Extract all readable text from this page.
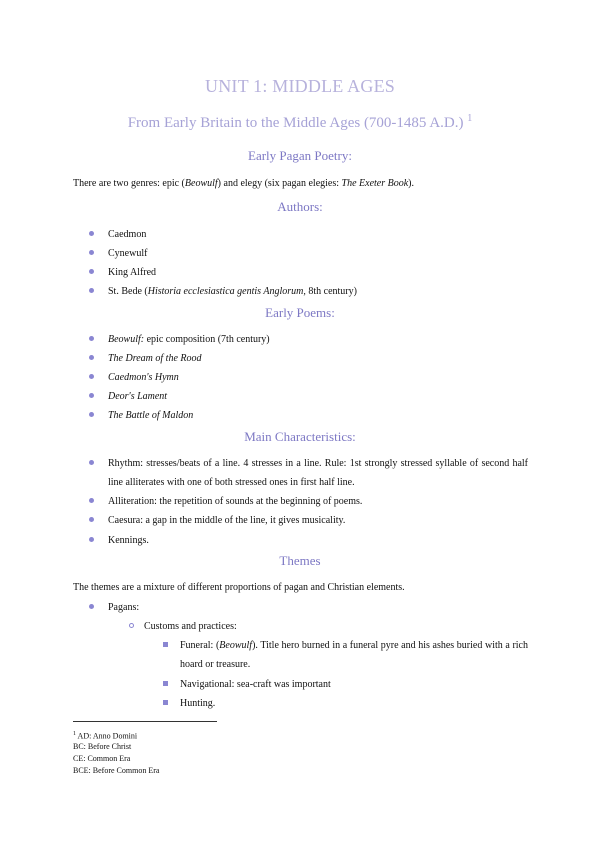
UNIT 1: MIDDLE AGES
From Early Britain to the Middle Ages (700-1485 A.D.) $^1$
Early Pagan Poetry:
There are two genres: epic (Beowulf) and elegy (six pagan elegies: The Exeter Book).
Authors:
Caedmon
Cynewulf
King Alfred
St. Bede (Historia ecclesiastica gentis Anglorum, 8th century)
Early Poems:
Beowulf: epic composition (7th century)
The Dream of the Rood
Caedmon's Hymn
Deor's Lament
The Battle of Maldon
Main Characteristics:
Rhythm: stresses/beats of a line. 4 stresses in a line. Rule: 1st strongly stressed syllable of second half line alliterates with one of both stressed ones in first half line.
Alliteration: the repetition of sounds at the beginning of poems.
Caesura: a gap in the middle of the line, it gives musicality.
Kennings.
Themes
The themes are a mixture of different proportions of pagan and Christian elements.
Pagans:
Customs and practices:
Funeral: (Beowulf). Title hero burned in a funeral pyre and his ashes buried with a rich hoard or treasure.
Navigational: sea-craft was important
Hunting.
$^1$ AD: Anno Domini
BC: Before Christ
CE: Common Era
BCE: Before Common Era
